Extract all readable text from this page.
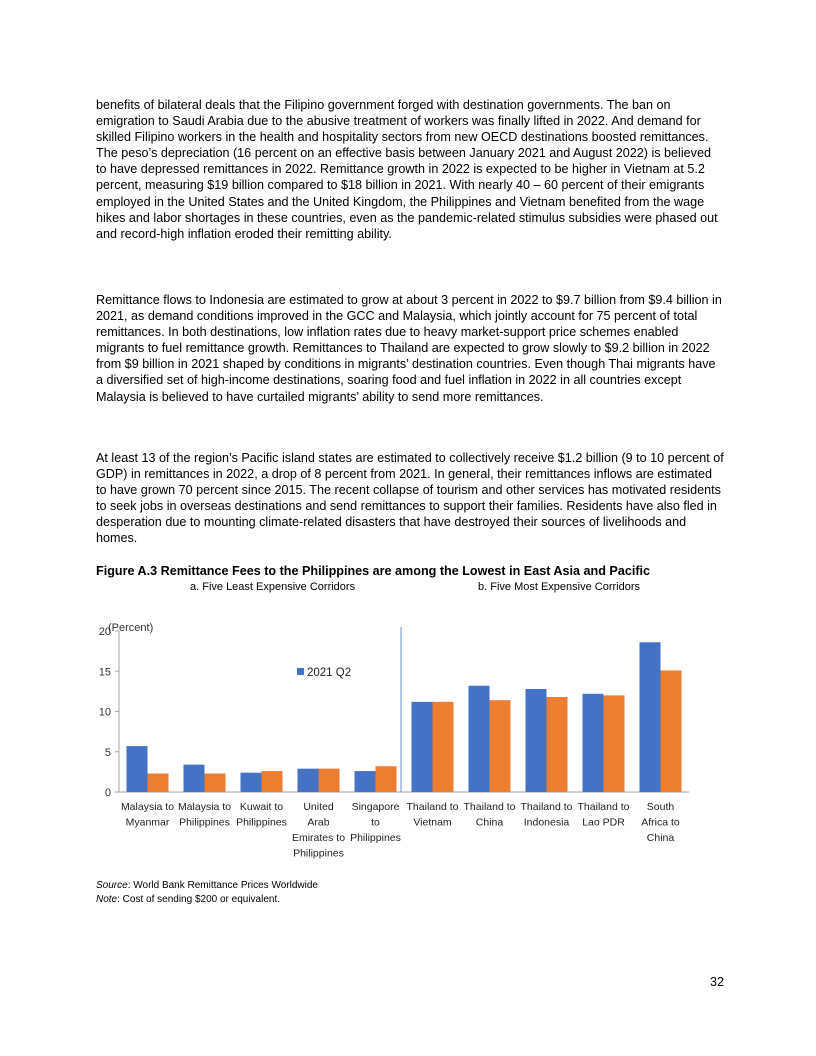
benefits of bilateral deals that the Filipino government forged with destination governments. The ban on emigration to Saudi Arabia due to the abusive treatment of workers was finally lifted in 2022. And demand for skilled Filipino workers in the health and hospitality sectors from new OECD destinations boosted remittances. The peso’s depreciation (16 percent on an effective basis between January 2021 and August 2022) is believed to have depressed remittances in 2022. Remittance growth in 2022 is expected to be higher in Vietnam at 5.2 percent, measuring $19 billion compared to $18 billion in 2021. With nearly 40 – 60 percent of their emigrants employed in the United States and the United Kingdom, the Philippines and Vietnam benefited from the wage hikes and labor shortages in these countries, even as the pandemic-related stimulus subsidies were phased out and record-high inflation eroded their remitting ability.

Remittance flows to Indonesia are estimated to grow at about 3 percent in 2022 to $9.7 billion from $9.4 billion in 2021, as demand conditions improved in the GCC and Malaysia, which jointly account for 75 percent of total remittances. In both destinations, low inflation rates due to heavy market-support price schemes enabled migrants to fuel remittance growth. Remittances to Thailand are expected to grow slowly to $9.2 billion in 2022 from $9 billion in 2021 shaped by conditions in migrants’ destination countries. Even though Thai migrants have a diversified set of high-income destinations, soaring food and fuel inflation in 2022 in all countries except Malaysia is believed to have curtailed migrants’ ability to send more remittances.

At least 13 of the region’s Pacific island states are estimated to collectively receive $1.2 billion (9 to 10 percent of GDP) in remittances in 2022, a drop of 8 percent from 2021. In general, their remittances inflows are estimated to have grown 70 percent since 2015. The recent collapse of tourism and other services has motivated residents to seek jobs in overseas destinations and send remittances to support their families. Residents have also fled in desperation due to mounting climate-related disasters that have destroyed their sources of livelihoods and homes.

Figure A.3 Remittance Fees to the Philippines are among the Lowest in East Asia and Pacific
a. Five Least Expensive Corridors	b. Five Most Expensive Corridors
0
5
10
15
20
(Percent)
Malaysia to Myanmar
Malaysia to Philippines
Kuwait to Philippines
United Arab Emirates to Philippines
Singapore to Philippines
Thailand to Vietnam
Thailand to China
Thailand to Indonesia
Thailand to Lao PDR
South Africa to China
2021 Q2
Source: World Bank Remittance Prices Worldwide
Note: Cost of sending $200 or equivalent.
32
